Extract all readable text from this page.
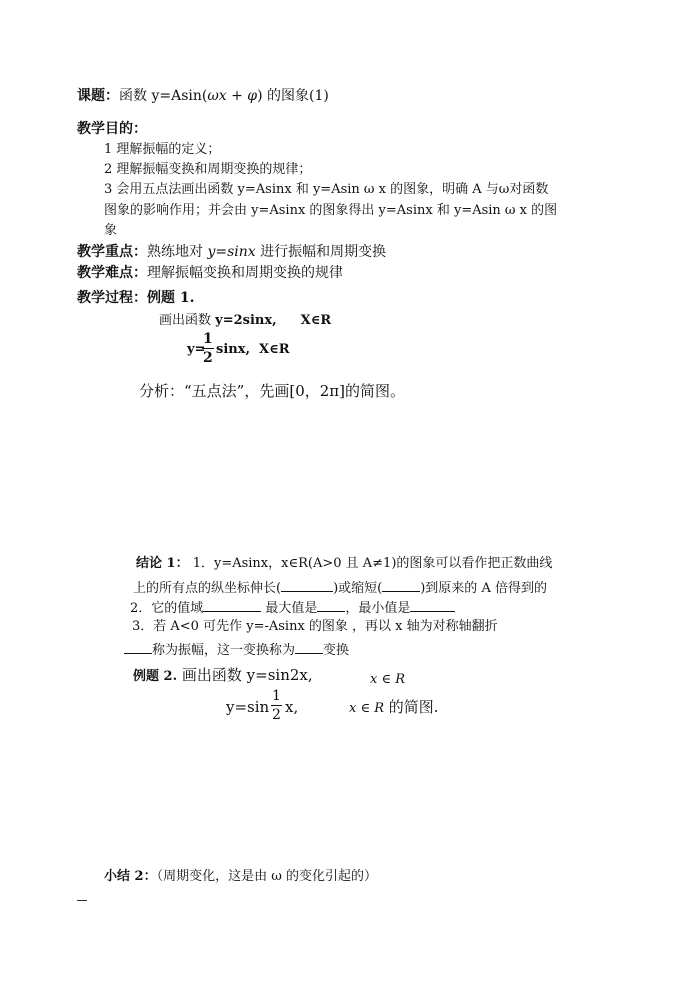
课题：函数 y=Asin(ωx + φ) 的图象(1)
教学目的：
1 理解振幅的定义；
2 理解振幅变换和周期变换的规律；
3 会用五点法画出函数 y=Asinx 和 y=Asin ω x 的图象，明确 A 与ω对函数
图象的影响作用；并会由 y=Asinx 的图象得出 y=Asinx 和 y=Asin ω x 的图
象
教学重点：熟练地对 y=sinx 进行振幅和周期变换
教学难点：理解振幅变换和周期变换的规律
教学过程：例题 1.
画出函数 y=2sinx, X∈R
y=
1
2
sinx, X∈R
分析：“五点法”，先画[0，2π]的简图。
结论 1： 1．y=Asinx，x∈R(A>0 且 A≠1)的图象可以看作把正数曲线
上的所有点的纵坐标伸长(	)或缩短(	)到原来的 A 倍得到的
2．它的值域	最大值是 ，最小值是
3．若 A<0 可先作 y=-Asinx 的图象 ，再以 x 轴为对称轴翻折
称为振幅，这一变换称为 变换
例题 2. 画出函数 y=sin2x,	x ∈ R
y=sin
1
2 x,	x ∈ R 的简图.
小结 2：（周期变化，这是由 ω 的变化引起的）
